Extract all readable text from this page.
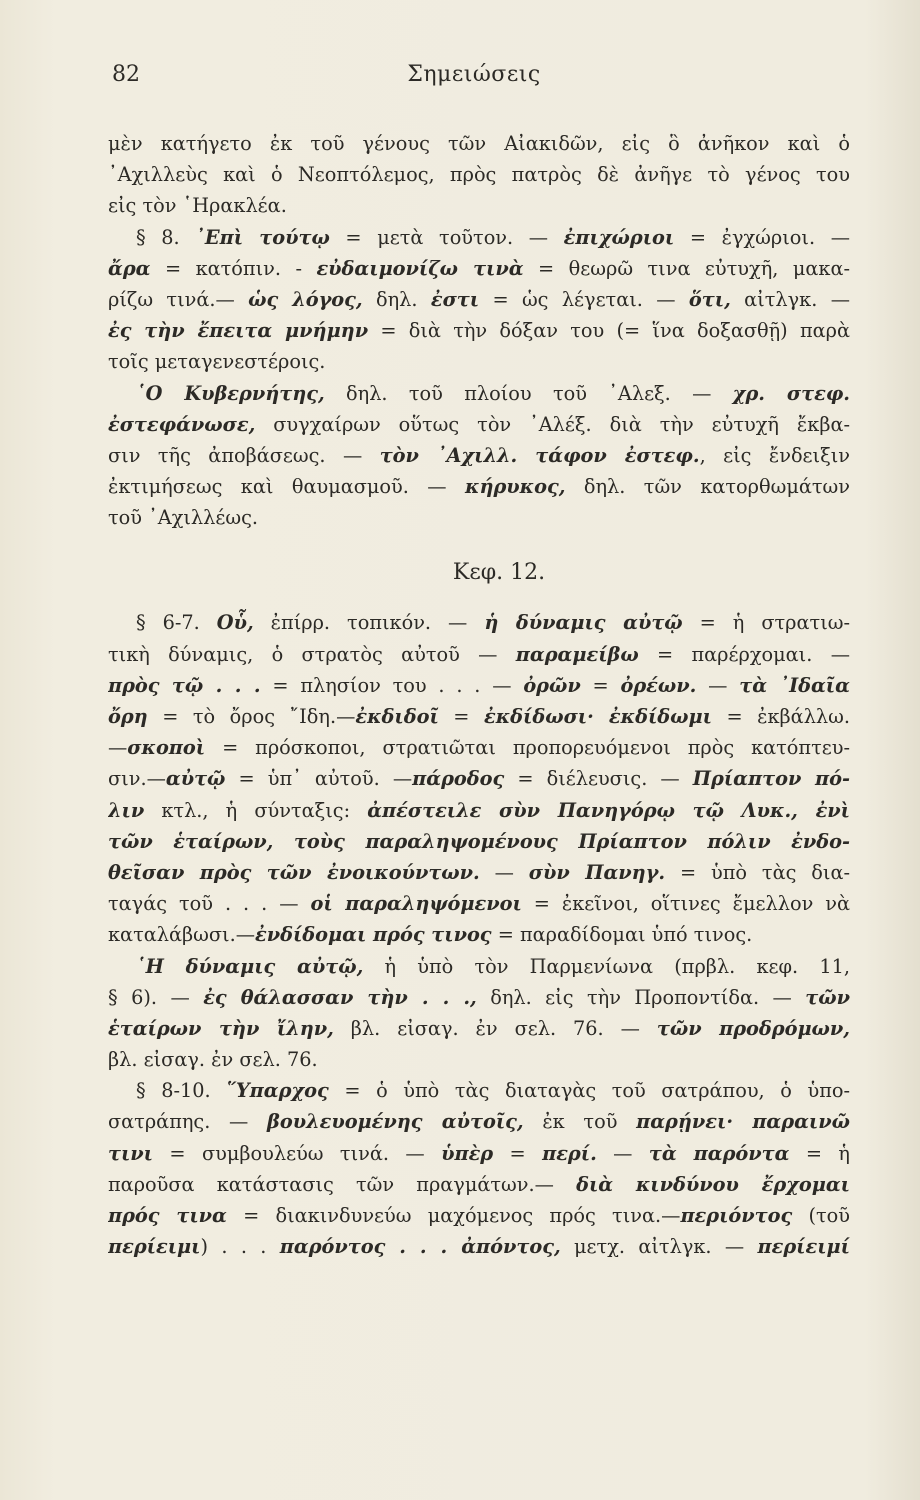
82	Σημειώσεις
μὲν κατήγετο ἐκ τοῦ γένους τῶν Αἰακιδῶν, εἰς ὃ ἀνῆκον καὶ ὁ
᾿Αχιλλεὺς καὶ ὁ Νεοπτόλεμος, πρὸς πατρὸς δὲ ἀνῆγε τὸ γένος του
εἰς τὸν ῾Ηρακλέα.
§ 8. ᾿Επὶ τούτῳ = μετὰ τοῦτον. — ἐπιχώριοι = ἐγχώριοι. —
ἄρα = κατόπιν. - εὐδαιμονίζω τινὰ = θεωρῶ τινα εὐτυχῆ, μακα-
ρίζω τινά.— ὡς λόγος, δηλ. ἐστι = ὡς λέγεται. — ὅτι, αἰτλγκ. —
ἐς τὴν ἔπειτα μνήμην = διὰ τὴν δόξαν του (= ἵνα δοξασθῇ) παρὰ
τοῖς μεταγενεστέροις.
῾Ο Κυβερνήτης, δηλ. τοῦ πλοίου τοῦ ᾿Αλεξ. — χρ. στεφ.
ἐστεφάνωσε, συγχαίρων οὕτως τὸν ᾿Αλέξ. διὰ τὴν εὐτυχῆ ἔκβα-
σιν τῆς ἀποβάσεως. — τὸν ᾿Αχιλλ. τάφον ἐστεφ., εἰς ἔνδειξιν
ἐκτιμήσεως καὶ θαυμασμοῦ. — κήρυκος, δηλ. τῶν κατορθωμάτων
τοῦ ᾿Αχιλλέως.
Κεφ. 12.
§ 6-7. Οὗ, ἐπίρρ. τοπικόν. — ἡ δύναμις αὐτῷ = ἡ στρατιω-
τικὴ δύναμις, ὁ στρατὸς αὐτοῦ — παραμείβω = παρέρχομαι. —
πρὸς τῷ . . . = πλησίον του . . . — ὀρῶν = ὀρέων. — τὰ ᾿Ιδαῖα
ὄρη = τὸ ὄρος ῎Ιδη.—ἐκδιδοῖ = ἐκδίδωσι· ἐκδίδωμι = ἐκβάλλω.
—σκοποὶ = πρόσκοποι, στρατιῶται προπορευόμενοι πρὸς κατόπτευ-
σιν.—αὐτῷ = ὑπ᾿ αὐτοῦ. —πάροδος = διέλευσις. — Πρίαπτον πό-
λιν κτλ., ἡ σύνταξις: ἀπέστειλε σὺν Πανηγόρῳ τῷ Λυκ., ἐνὶ
τῶν ἑταίρων, τοὺς παραληψομένους Πρίαπτον πόλιν ἐνδο-
θεῖσαν πρὸς τῶν ἐνοικούντων. — σὺν Πανηγ. = ὑπὸ τὰς δια-
ταγάς τοῦ . . . — οἱ παραληψόμενοι = ἐκεῖνοι, οἵτινες ἔμελλον νὰ
καταλάβωσι.—ἐνδίδομαι πρός τινος = παραδίδομαι ὑπό τινος.
῾Η δύναμις αὐτῷ, ἡ ὑπὸ τὸν Παρμενίωνα (πρβλ. κεφ. 11,
§ 6). — ἐς θάλασσαν τὴν . . ., δηλ. εἰς τὴν Προποντίδα. — τῶν
ἑταίρων τὴν ἴλην, βλ. εἰσαγ. ἐν σελ. 76. — τῶν προδρόμων,
βλ. εἰσαγ. ἐν σελ. 76.
§ 8-10. ῞Υπαρχος = ὁ ὑπὸ τὰς διαταγὰς τοῦ σατράπου, ὁ ὑπο-
σατράπης. — βουλευομένης αὐτοῖς, ἐκ τοῦ παρῄνει· παραινῶ
τινι = συμβουλεύω τινά. — ὑπὲρ = περί. — τὰ παρόντα = ἡ
παροῦσα κατάστασις τῶν πραγμάτων.— διὰ κινδύνου ἔρχομαι
πρός τινα = διακινδυνεύω μαχόμενος πρός τινα.—περιόντος (τοῦ
περίειμι) . . . παρόντος . . . ἀπόντος, μετχ. αἰτλγκ. — περίειμί
